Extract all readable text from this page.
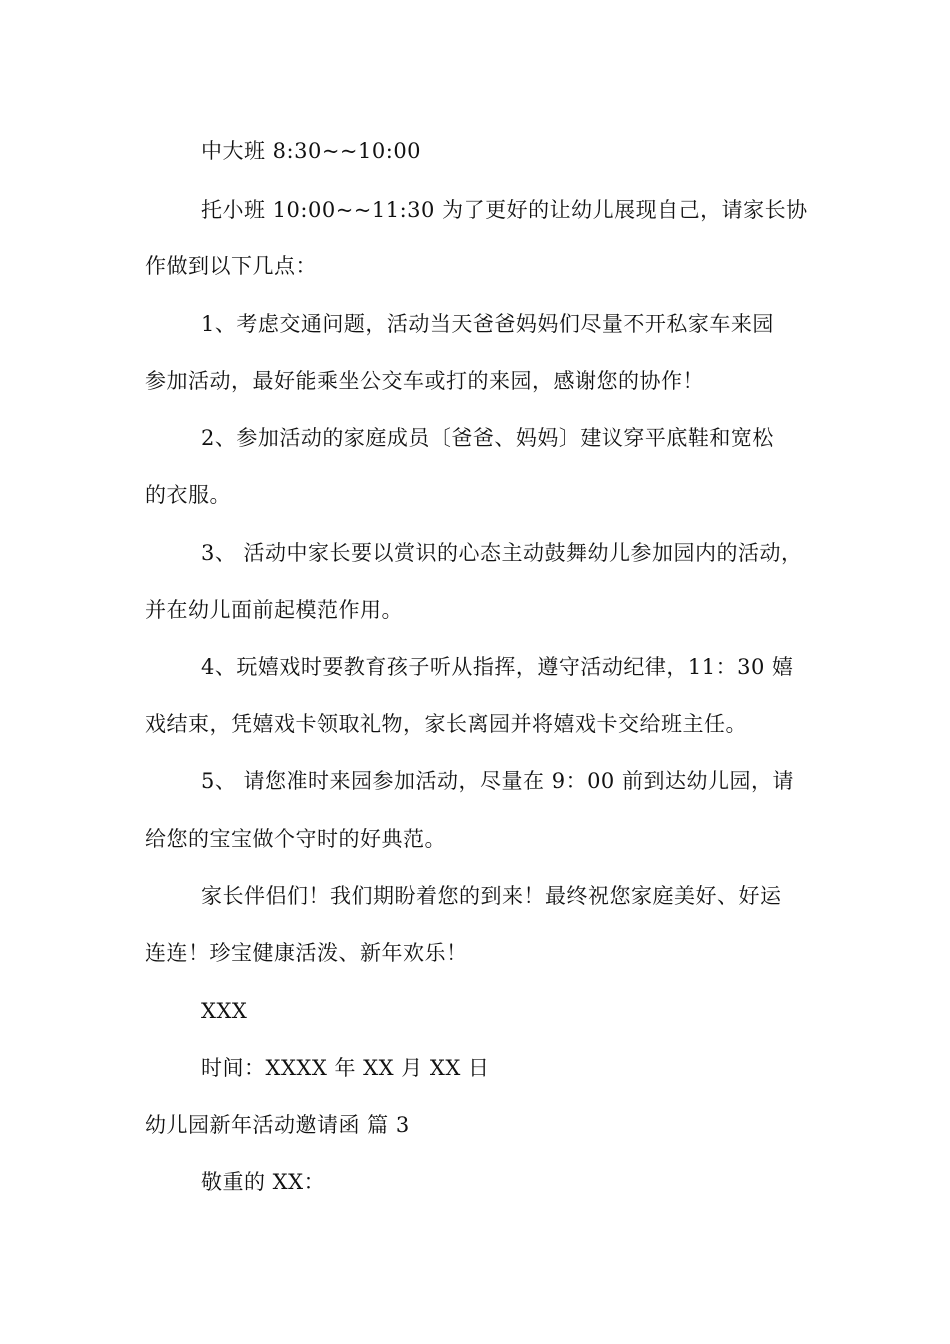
中大班 8:30~~10:00
托小班 10:00~~11:30 为了更好的让幼儿展现自己，请家长协
作做到以下几点：
1、考虑交通问题，活动当天爸爸妈妈们尽量不开私家车来园
参加活动，最好能乘坐公交车或打的来园，感谢您的协作！
2、参加活动的家庭成员〔爸爸、妈妈〕建议穿平底鞋和宽松
的衣服。
3、 活动中家长要以赏识的心态主动鼓舞幼儿参加园内的活动，
并在幼儿面前起模范作用。
4、玩嬉戏时要教育孩子听从指挥，遵守活动纪律，11：30 嬉
戏结束，凭嬉戏卡领取礼物，家长离园并将嬉戏卡交给班主任。
5、 请您准时来园参加活动，尽量在 9：00 前到达幼儿园，请
给您的宝宝做个守时的好典范。
家长伴侣们！我们期盼着您的到来！最终祝您家庭美好、好运
连连！珍宝健康活泼、新年欢乐！
XXX
时间：XXXX 年 XX 月 XX 日
幼儿园新年活动邀请函 篇 3
敬重的 XX：
